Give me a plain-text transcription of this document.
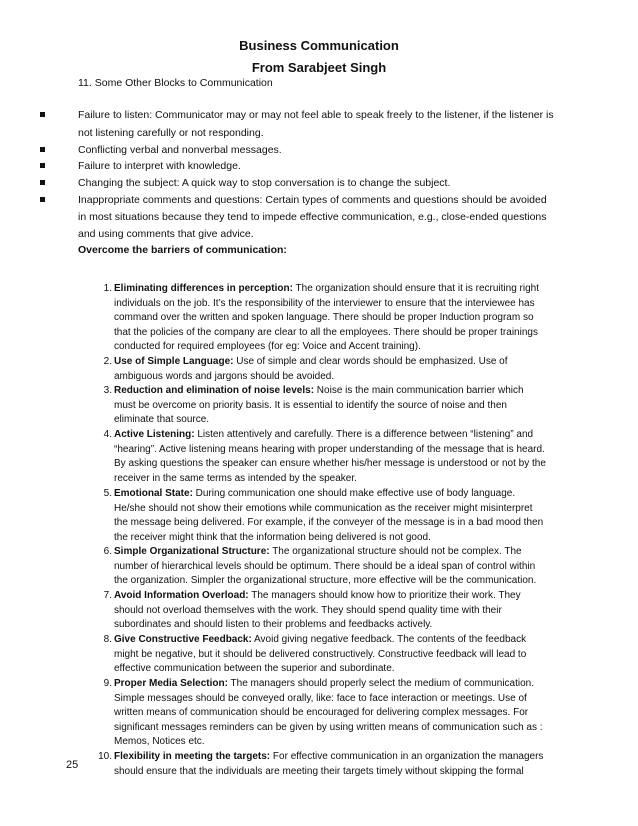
Business Communication
From Sarabjeet Singh
11. Some Other Blocks to Communication
Failure to listen: Communicator may or may not feel able to speak freely to the listener, if the listener is
not listening carefully or not responding.
Conflicting verbal and nonverbal messages.
Failure to interpret with knowledge.
Changing the subject: A quick way to stop conversation is to change the subject.
Inappropriate comments and questions: Certain types of comments and questions should be avoided
in most situations because they tend to impede effective communication, e.g., close-ended questions
and using comments that give advice.
Overcome the barriers of communication:
1. Eliminating differences in perception: The organization should ensure that it is recruiting right
individuals on the job. It’s the responsibility of the interviewer to ensure that the interviewee has
command over the written and spoken language. There should be proper Induction program so
that the policies of the company are clear to all the employees. There should be proper trainings
conducted for required employees (for eg: Voice and Accent training).
2. Use of Simple Language: Use of simple and clear words should be emphasized. Use of
ambiguous words and jargons should be avoided.
3. Reduction and elimination of noise levels: Noise is the main communication barrier which
must be overcome on priority basis. It is essential to identify the source of noise and then
eliminate that source.
4. Active Listening: Listen attentively and carefully. There is a difference between “listening” and
“hearing”. Active listening means hearing with proper understanding of the message that is heard.
By asking questions the speaker can ensure whether his/her message is understood or not by the
receiver in the same terms as intended by the speaker.
5. Emotional State: During communication one should make effective use of body language.
He/she should not show their emotions while communication as the receiver might misinterpret
the message being delivered. For example, if the conveyer of the message is in a bad mood then
the receiver might think that the information being delivered is not good.
6. Simple Organizational Structure: The organizational structure should not be complex. The
number of hierarchical levels should be optimum. There should be a ideal span of control within
the organization. Simpler the organizational structure, more effective will be the communication.
7. Avoid Information Overload: The managers should know how to prioritize their work. They
should not overload themselves with the work. They should spend quality time with their
subordinates and should listen to their problems and feedbacks actively.
8. Give Constructive Feedback: Avoid giving negative feedback. The contents of the feedback
might be negative, but it should be delivered constructively. Constructive feedback will lead to
effective communication between the superior and subordinate.
9. Proper Media Selection: The managers should properly select the medium of communication.
Simple messages should be conveyed orally, like: face to face interaction or meetings. Use of
written means of communication should be encouraged for delivering complex messages. For
significant messages reminders can be given by using written means of communication such as :
Memos, Notices etc.
10. Flexibility in meeting the targets: For effective communication in an organization the managers
should ensure that the individuals are meeting their targets timely without skipping the formal
25
